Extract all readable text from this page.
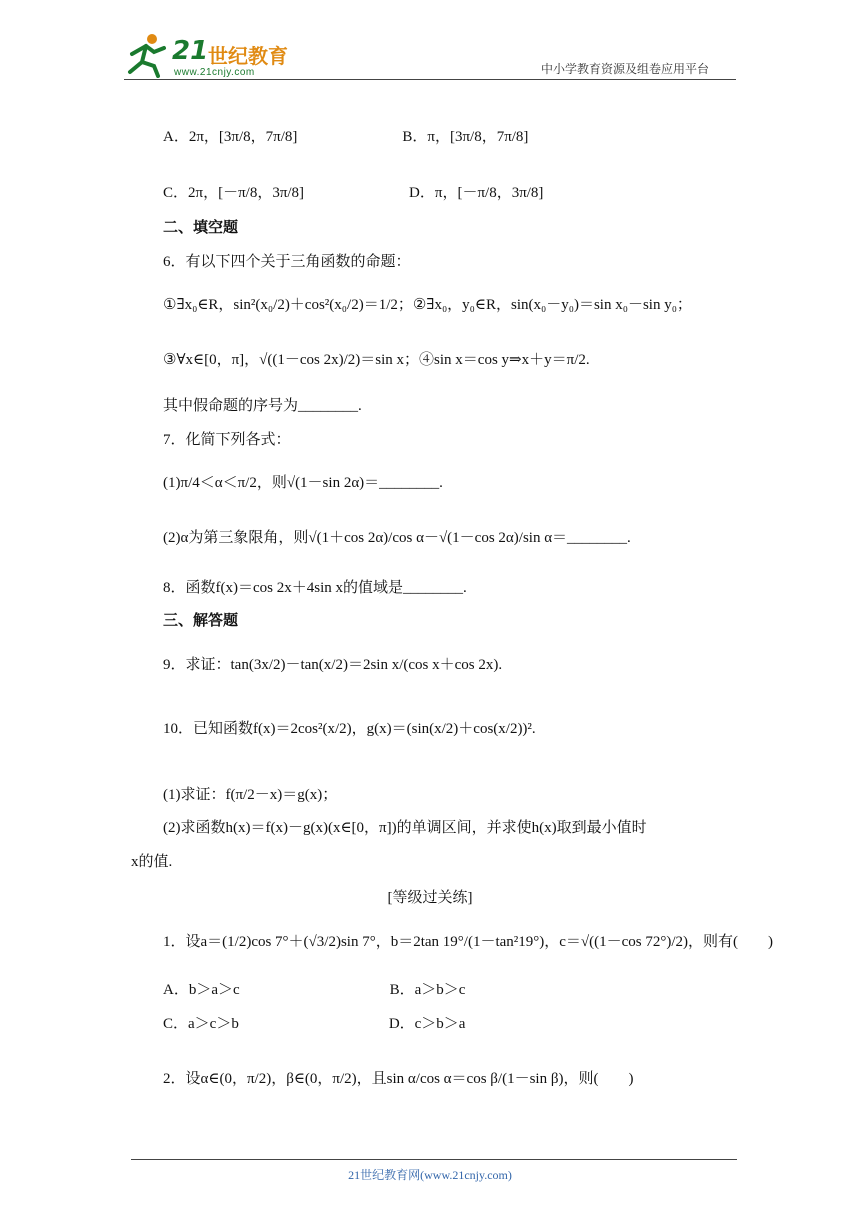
21 世纪教育
www.21cnjy.com	中小学教育资源及组卷应用平台
A．2π，[3π/8，7π/8]　　　　　　　B．π，[3π/8，7π/8]
C．2π，[－π/8，3π/8]　　　　　　　D．π，[－π/8，3π/8]
二、填空题
6．有以下四个关于三角函数的命题：
①∃x₀∈R，sin²(x₀/2)＋cos²(x₀/2)＝1/2；②∃x₀，y₀∈R，sin(x₀－y₀)＝sin x₀－sin y₀；
③∀x∈[0，π]，√((1－cos 2x)/2)＝sin x；④sin x＝cos y⇒x＋y＝π/2.
其中假命题的序号为________.
7．化简下列各式：
(1)π/4＜α＜π/2，则√(1－sin 2α)＝________.
(2)α为第三象限角，则√(1＋cos 2α)/cos α－√(1－cos 2α)/sin α＝________.
8．函数f(x)＝cos 2x＋4sin x的值域是________.
三、解答题
9．求证：tan(3x/2)－tan(x/2)＝2sin x/(cos x＋cos 2x).
10．已知函数f(x)＝2cos²(x/2)，g(x)＝(sin(x/2)＋cos(x/2))².
(1)求证：f(π/2－x)＝g(x)；
(2)求函数h(x)＝f(x)－g(x)(x∈[0，π])的单调区间，并求使h(x)取到最小值时
x的值.
[等级过关练]
1．设a＝(1/2)cos 7°＋(√3/2)sin 7°，b＝2tan 19°/(1－tan²19°)，c＝√((1－cos 72°)/2)，则有(　　)
A．b＞a＞c　　　　　　　　　　B．a＞b＞c
C．a＞c＞b　　　　　　　　　　D．c＞b＞a
2．设α∈(0，π/2)，β∈(0，π/2)，且sin α/cos α＝cos β/(1－sin β)，则(　　)
21世纪教育网(www.21cnjy.com)
